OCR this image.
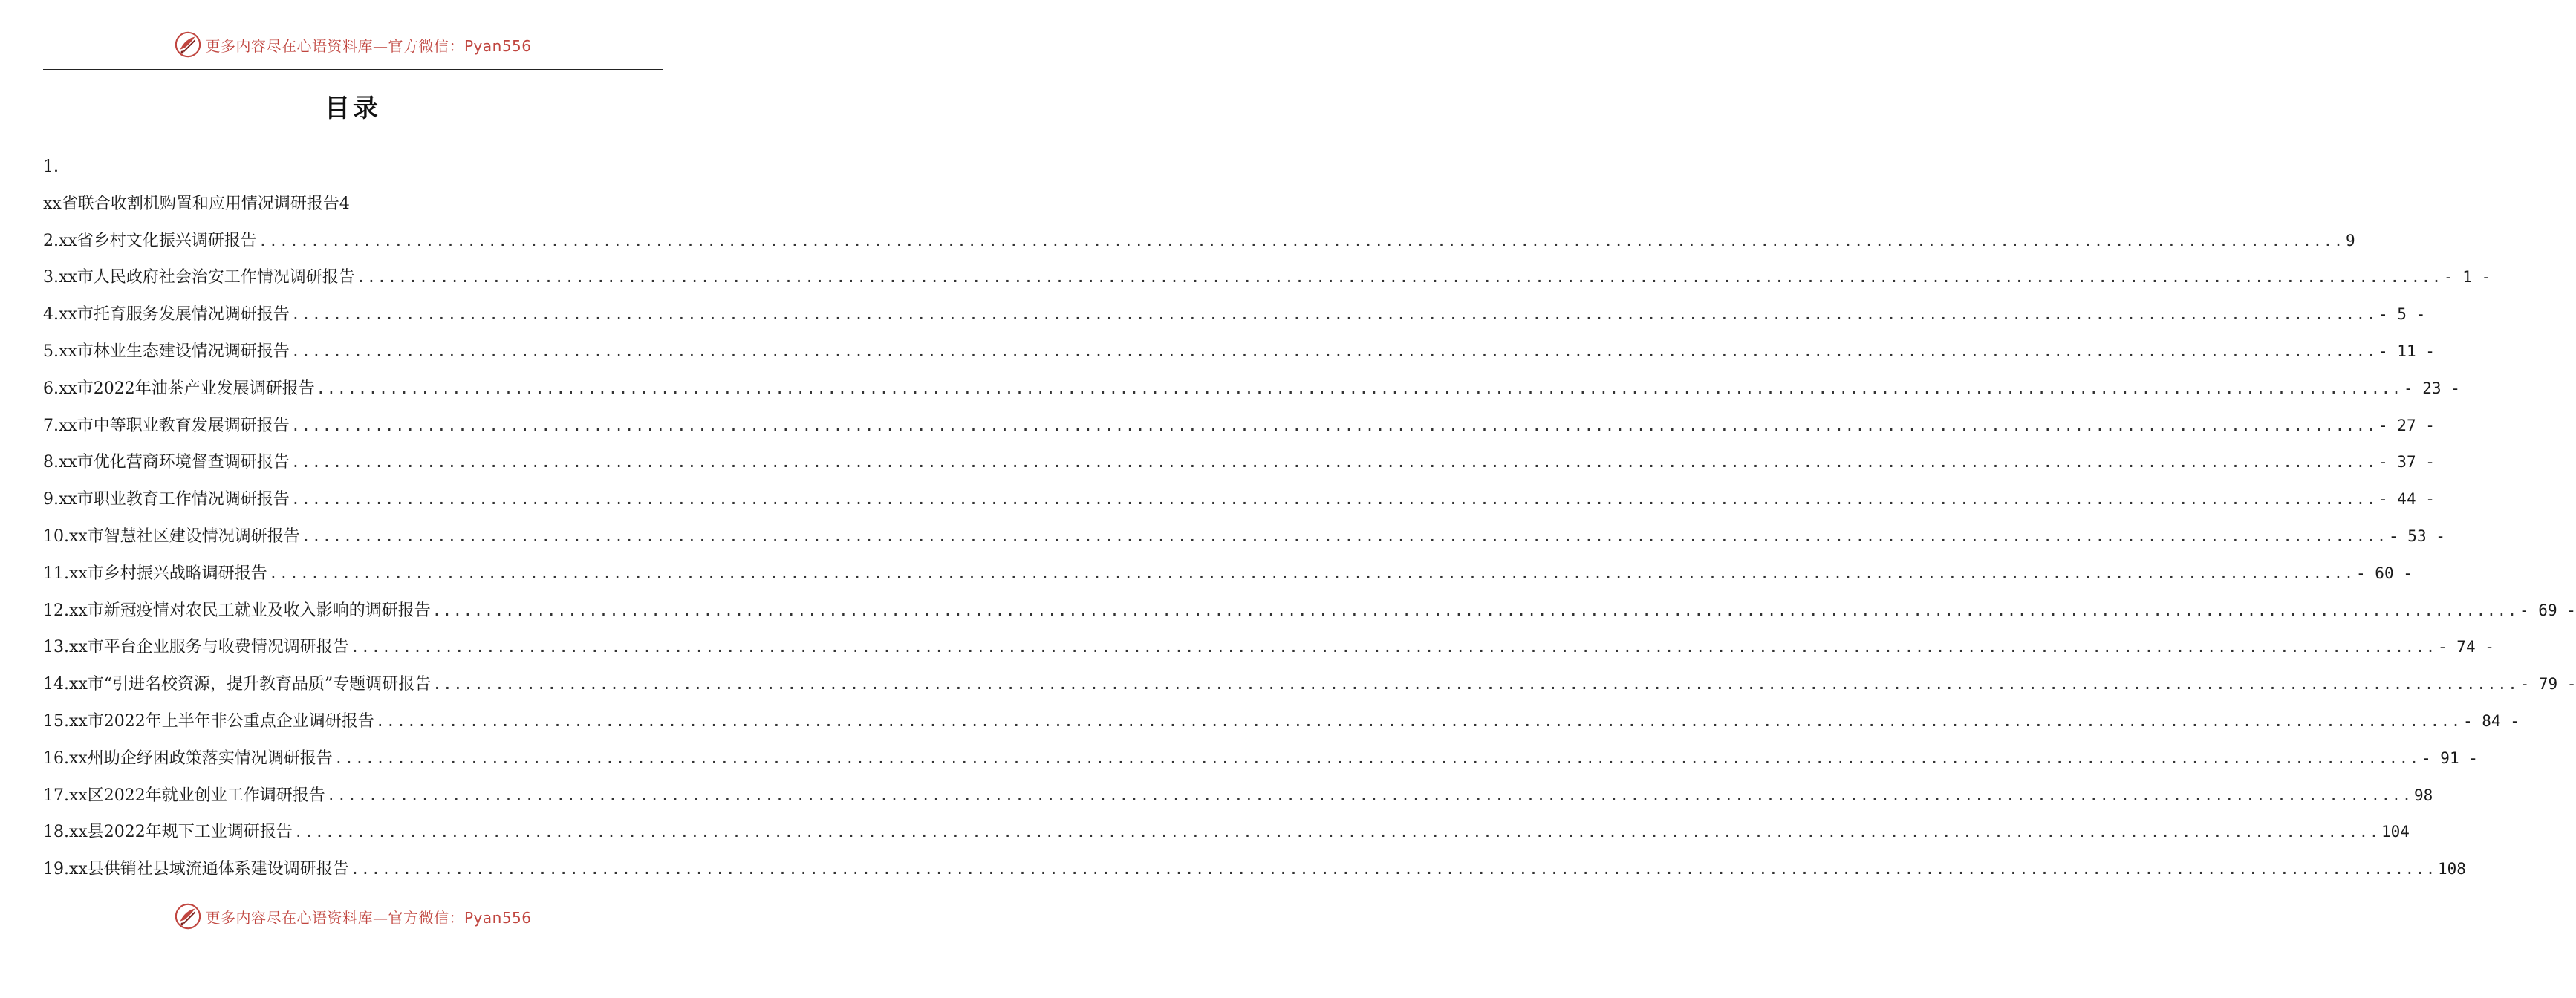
更多内容尽在心语资料库—官方微信：Pyan556
目录
1.
xx省联合收割机购置和应用情况调研报告4
2.xx省乡村文化振兴调研报告 ........................................................................................................................................................................................................ 9
3.xx市人民政府社会治安工作情况调研报告 ........................................................................................................................................................................................................ - 1 -
4.xx市托育服务发展情况调研报告 ........................................................................................................................................................................................................ - 5 -
5.xx市林业生态建设情况调研报告 ........................................................................................................................................................................................................ - 11 -
6.xx市2022年油茶产业发展调研报告 ........................................................................................................................................................................................................ - 23 -
7.xx市中等职业教育发展调研报告 ........................................................................................................................................................................................................ - 27 -
8.xx市优化营商环境督查调研报告 ........................................................................................................................................................................................................ - 37 -
9.xx市职业教育工作情况调研报告 ........................................................................................................................................................................................................ - 44 -
10.xx市智慧社区建设情况调研报告 ........................................................................................................................................................................................................ - 53 -
11.xx市乡村振兴战略调研报告 ........................................................................................................................................................................................................ - 60 -
12.xx市新冠疫情对农民工就业及收入影响的调研报告 ........................................................................................................................................................................................................ - 69 -
13.xx市平台企业服务与收费情况调研报告 ........................................................................................................................................................................................................ - 74 -
14.xx市“引进名校资源，提升教育品质”专题调研报告 ........................................................................................................................................................................................................ - 79 -
15.xx市2022年上半年非公重点企业调研报告 ........................................................................................................................................................................................................ - 84 -
16.xx州助企纾困政策落实情况调研报告 ........................................................................................................................................................................................................ - 91 -
17.xx区2022年就业创业工作调研报告 ........................................................................................................................................................................................................ 98
18.xx县2022年规下工业调研报告 ........................................................................................................................................................................................................ 104
19.xx县供销社县域流通体系建设调研报告 ........................................................................................................................................................................................................ 108
更多内容尽在心语资料库—官方微信：Pyan556
